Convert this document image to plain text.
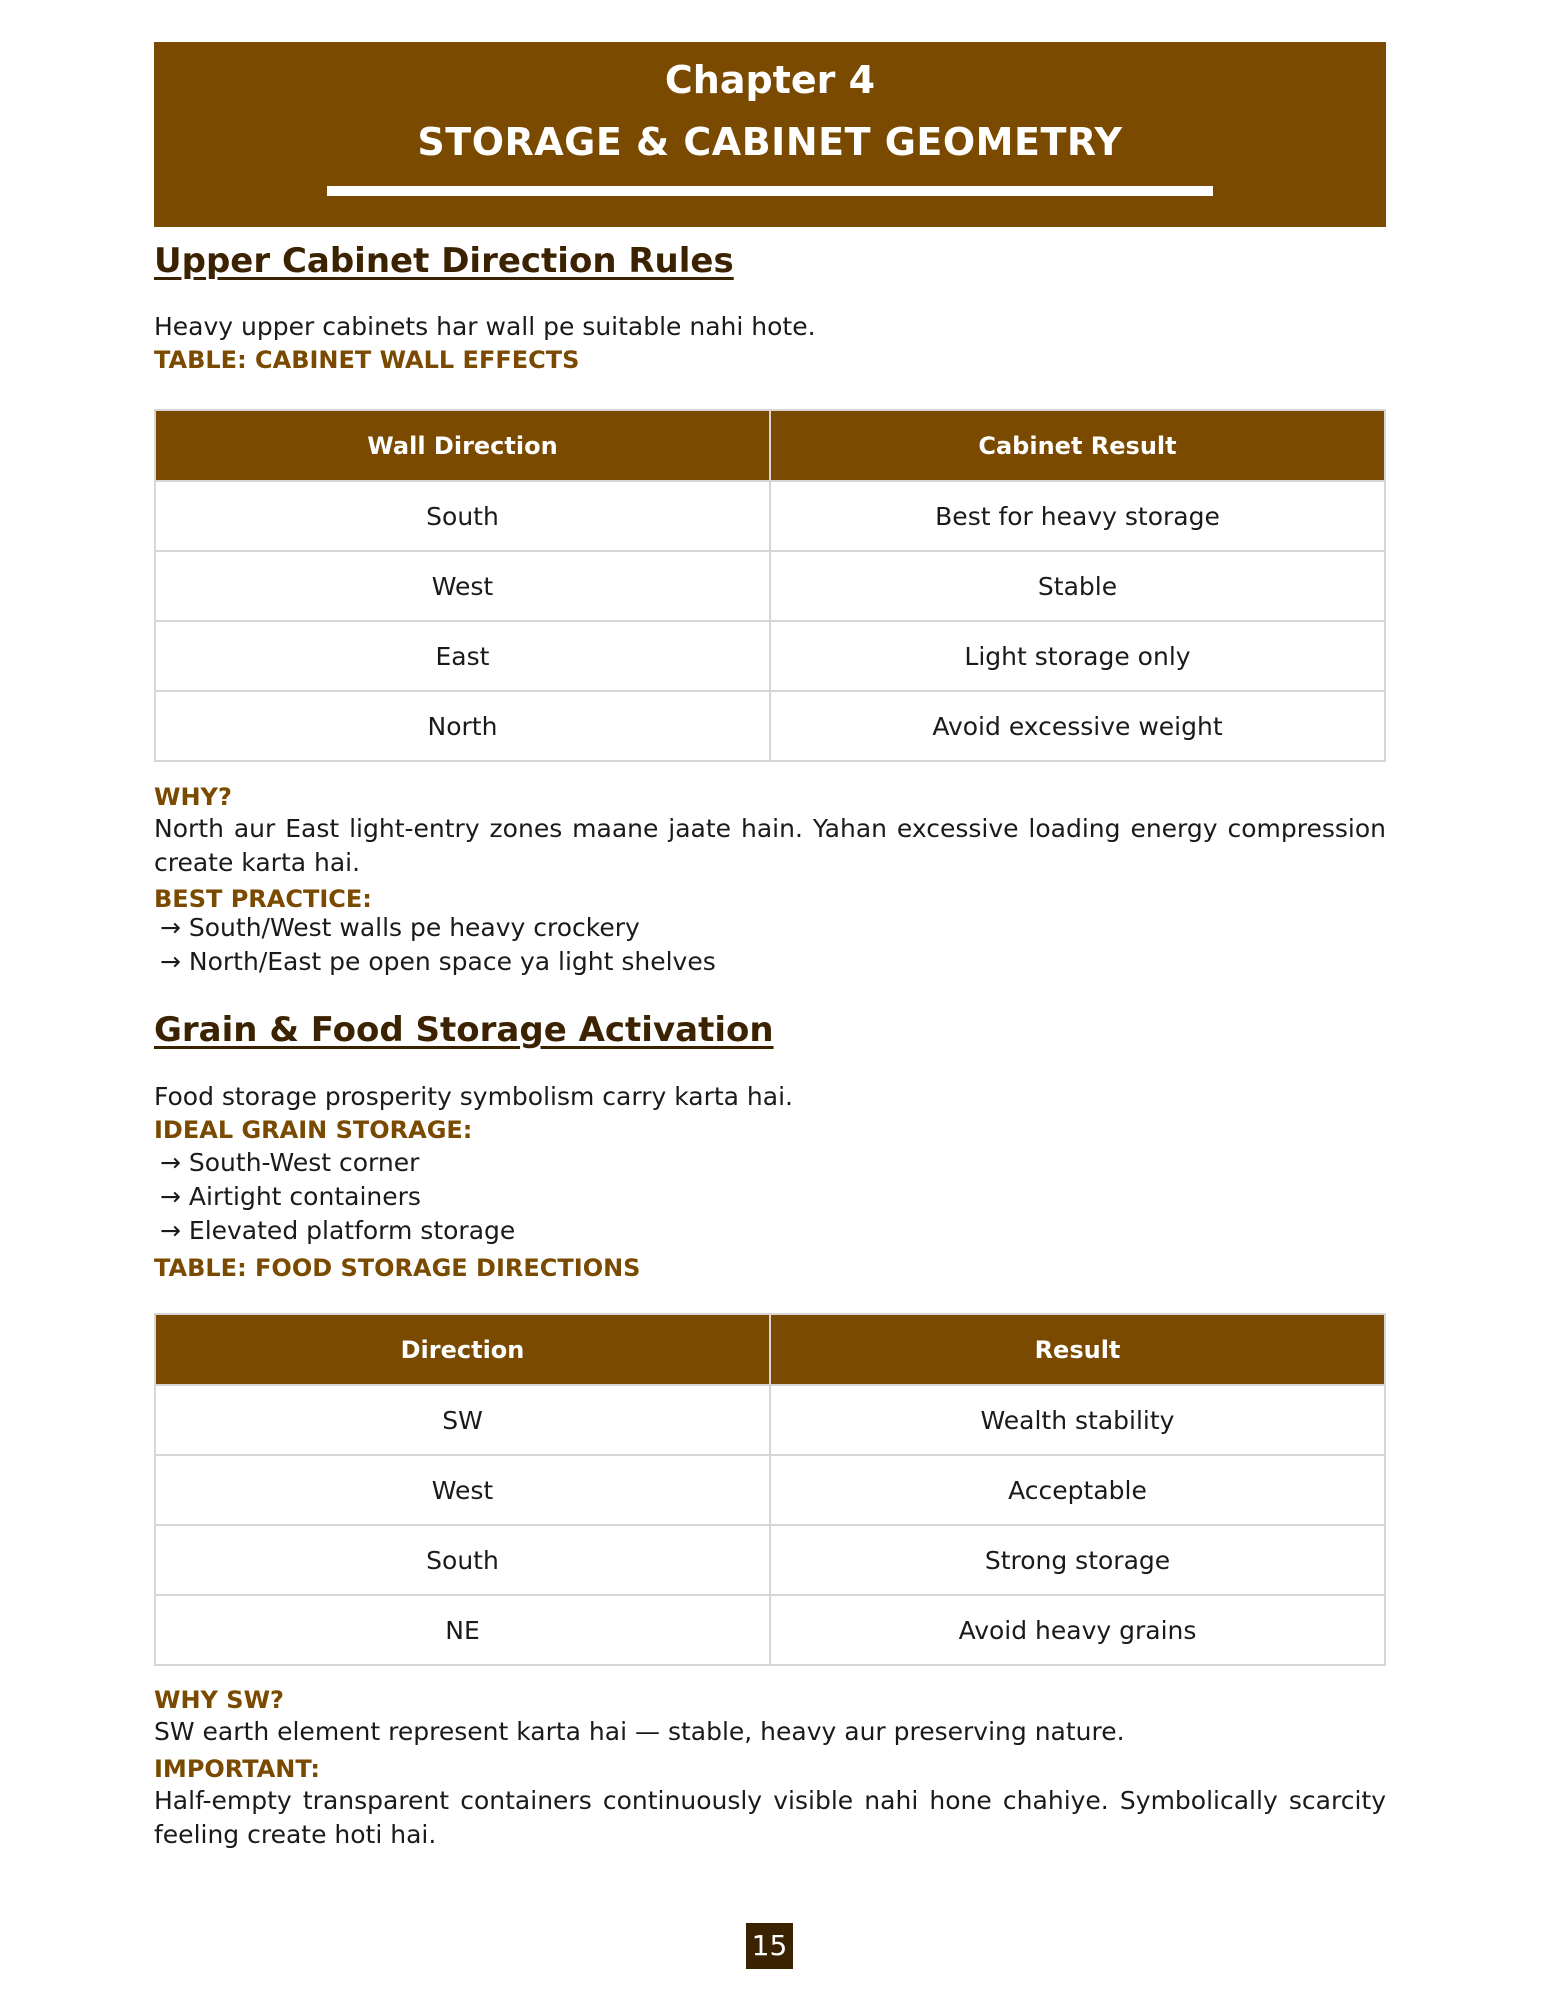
Chapter 4
STORAGE & CABINET GEOMETRY
Upper Cabinet Direction Rules
Heavy upper cabinets har wall pe suitable nahi hote.
TABLE: CABINET WALL EFFECTS
Wall Direction	Cabinet Result
South	Best for heavy storage
West	Stable
East	Light storage only
North	Avoid excessive weight
WHY?
North aur East light-entry zones maane jaate hain. Yahan excessive loading energy compression create karta hai.
BEST PRACTICE:
→ South/West walls pe heavy crockery
→ North/East pe open space ya light shelves
Grain & Food Storage Activation
Food storage prosperity symbolism carry karta hai.
IDEAL GRAIN STORAGE:
→ South-West corner
→ Airtight containers
→ Elevated platform storage
TABLE: FOOD STORAGE DIRECTIONS
Direction	Result
SW	Wealth stability
West	Acceptable
South	Strong storage
NE	Avoid heavy grains
WHY SW?
SW earth element represent karta hai — stable, heavy aur preserving nature.
IMPORTANT:
Half-empty transparent containers continuously visible nahi hone chahiye. Symbolically scarcity feeling create hoti hai.
15
